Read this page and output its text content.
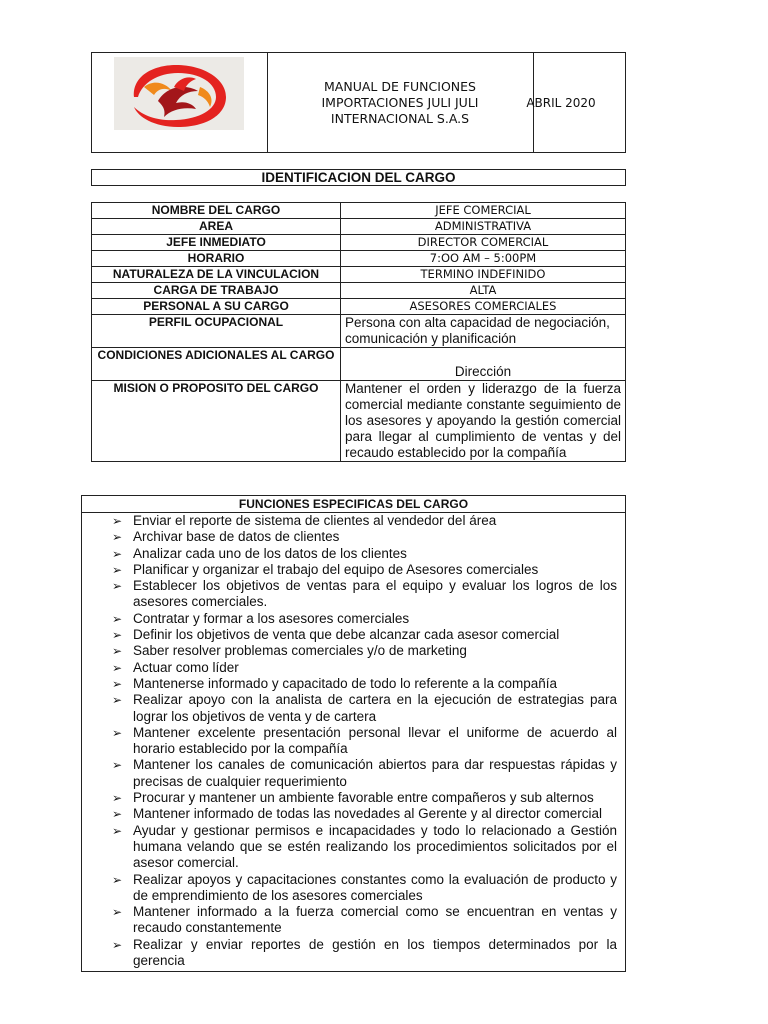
MANUAL DE FUNCIONES IMPORTACIONES JULI JULI INTERNACIONAL S.A.S
ABRIL 2020
IDENTIFICACION DEL CARGO
NOMBRE DEL CARGO	JEFE COMERCIAL
AREA	ADMINISTRATIVA
JEFE INMEDIATO	DIRECTOR COMERCIAL
HORARIO	7:OO AM – 5:00PM
NATURALEZA DE LA VINCULACION	TERMINO INDEFINIDO
CARGA DE TRABAJO	ALTA
PERSONAL A SU CARGO	ASESORES COMERCIALES
PERFIL OCUPACIONAL	Persona con alta capacidad de negociación, comunicación y planificación
CONDICIONES ADICIONALES AL CARGO	Dirección
MISION O PROPOSITO DEL CARGO	Mantener el orden y liderazgo de la fuerza comercial mediante constante seguimiento de los asesores y apoyando la gestión comercial para llegar al cumplimiento de ventas y del recaudo establecido por la compañía
FUNCIONES ESPECIFICAS DEL CARGO
➢ Enviar el reporte de sistema de clientes al vendedor del área
➢ Archivar base de datos de clientes
➢ Analizar cada uno de los datos de los clientes
➢ Planificar y organizar el trabajo del equipo de Asesores comerciales
➢ Establecer los objetivos de ventas para el equipo y evaluar los logros de los asesores comerciales.
➢ Contratar y formar a los asesores comerciales
➢ Definir los objetivos de venta que debe alcanzar cada asesor comercial
➢ Saber resolver problemas comerciales y/o de marketing
➢ Actuar como líder
➢ Mantenerse informado y capacitado de todo lo referente a la compañía
➢ Realizar apoyo con la analista de cartera en la ejecución de estrategias para lograr los objetivos de venta y de cartera
➢ Mantener excelente presentación personal llevar el uniforme de acuerdo al horario establecido por la compañía
➢ Mantener los canales de comunicación abiertos para dar respuestas rápidas y precisas de cualquier requerimiento
➢ Procurar y mantener un ambiente favorable entre compañeros y sub alternos
➢ Mantener informado de todas las novedades al Gerente y al director comercial
➢ Ayudar y gestionar permisos e incapacidades y todo lo relacionado a Gestión humana velando que se estén realizando los procedimientos solicitados por el asesor comercial.
➢ Realizar apoyos y capacitaciones constantes como la evaluación de producto y de emprendimiento de los asesores comerciales
➢ Mantener informado a la fuerza comercial como se encuentran en ventas y recaudo constantemente
➢ Realizar y enviar reportes de gestión en los tiempos determinados por la gerencia
